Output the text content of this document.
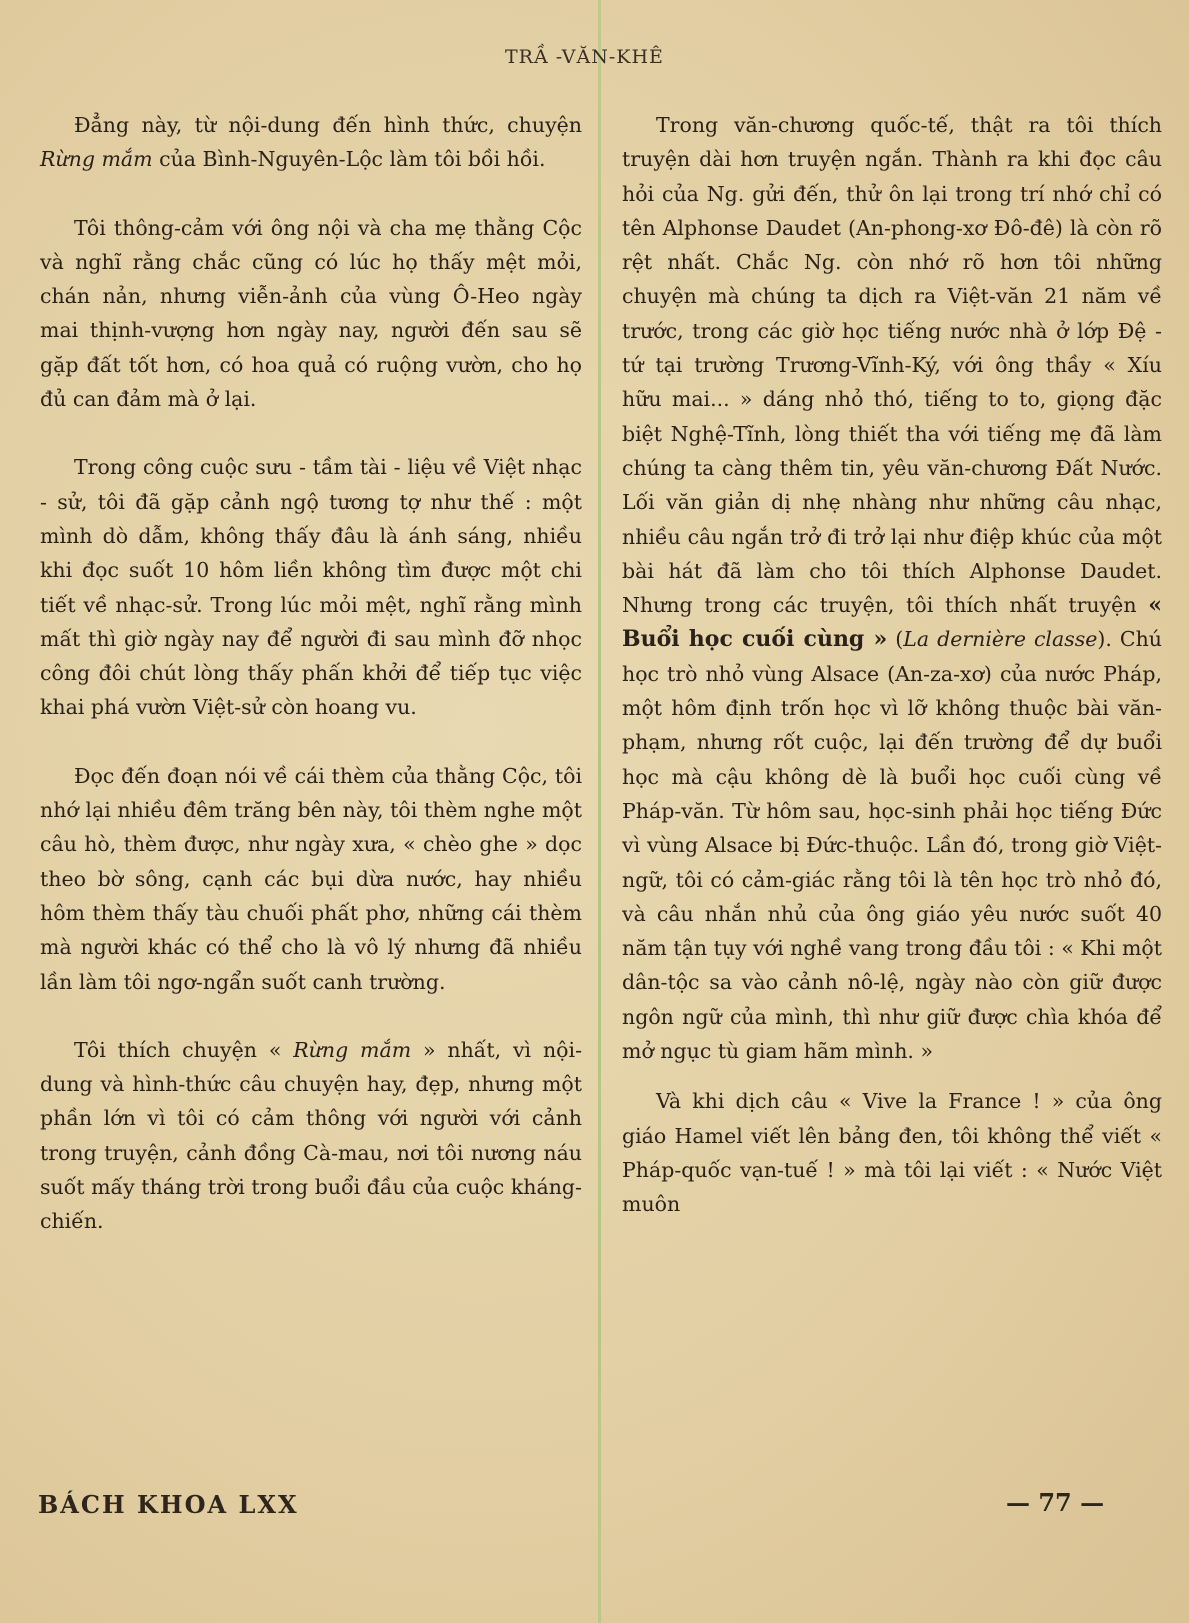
TRẦ -VĂN-KHÊ

Đẳng này, từ nội-dung đến hình thức, chuyện Rừng mắm của Bình-Nguyên-Lộc làm tôi bồi hồi.

Tôi thông-cảm với ông nội và cha mẹ thằng Cộc và nghĩ rằng chắc cũng có lúc họ thấy mệt mỏi, chán nản, nhưng viễn-ảnh của vùng Ô-Heo ngày mai thịnh-vượng hơn ngày nay, người đến sau sẽ gặp đất tốt hơn, có hoa quả có ruộng vườn, cho họ đủ can đảm mà ở lại.

Trong công cuộc sưu - tầm tài - liệu về Việt nhạc - sử, tôi đã gặp cảnh ngộ tương tợ như thế : một mình dò dẫm, không thấy đâu là ánh sáng, nhiều khi đọc suốt 10 hôm liền không tìm được một chi tiết về nhạc-sử. Trong lúc mỏi mệt, nghĩ rằng mình mất thì giờ ngày nay để người đi sau mình đỡ nhọc công đôi chút lòng thấy phấn khởi để tiếp tục việc khai phá vườn Việt-sử còn hoang vu.

Đọc đến đoạn nói về cái thèm của thằng Cộc, tôi nhớ lại nhiều đêm trăng bên này, tôi thèm nghe một câu hò, thèm được, như ngày xưa, « chèo ghe » dọc theo bờ sông, cạnh các bụi dừa nước, hay nhiều hôm thèm thấy tàu chuối phất phơ, những cái thèm mà người khác có thể cho là vô lý nhưng đã nhiều lần làm tôi ngơ-ngẩn suốt canh trường.

Tôi thích chuyện « Rừng mắm » nhất, vì nội-dung và hình-thức câu chuyện hay, đẹp, nhưng một phần lớn vì tôi có cảm thông với người với cảnh trong truyện, cảnh đồng Cà-mau, nơi tôi nương náu suốt mấy tháng trời trong buổi đầu của cuộc kháng-chiến.

Trong văn-chương quốc-tế, thật ra tôi thích truyện dài hơn truyện ngắn. Thành ra khi đọc câu hỏi của Ng. gửi đến, thử ôn lại trong trí nhớ chỉ có tên Alphonse Daudet (An-phong-xơ Đô-đê) là còn rõ rệt nhất. Chắc Ng. còn nhớ rõ hơn tôi những chuyện mà chúng ta dịch ra Việt-văn 21 năm về trước, trong các giờ học tiếng nước nhà ở lớp Đệ - tứ tại trường Trương-Vĩnh-Ký, với ông thầy « Xíu hữu mai... » dáng nhỏ thó, tiếng to to, giọng đặc biệt Nghệ-Tĩnh, lòng thiết tha với tiếng mẹ đã làm chúng ta càng thêm tin, yêu văn-chương Đất Nước. Lối văn giản dị nhẹ nhàng như những câu nhạc, nhiều câu ngắn trở đi trở lại như điệp khúc của một bài hát đã làm cho tôi thích Alphonse Daudet. Nhưng trong các truyện, tôi thích nhất truyện « Buổi học cuối cùng » (La dernière classe). Chú học trò nhỏ vùng Alsace (An-za-xơ) của nước Pháp, một hôm định trốn học vì lỡ không thuộc bài văn-phạm, nhưng rốt cuộc, lại đến trường để dự buổi học mà cậu không dè là buổi học cuối cùng về Pháp-văn. Từ hôm sau, học-sinh phải học tiếng Đức vì vùng Alsace bị Đức-thuộc. Lần đó, trong giờ Việt-ngữ, tôi có cảm-giác rằng tôi là tên học trò nhỏ đó, và câu nhắn nhủ của ông giáo yêu nước suốt 40 năm tận tụy với nghề vang trong đầu tôi : « Khi một dân-tộc sa vào cảnh nô-lệ, ngày nào còn giữ được ngôn ngữ của mình, thì như giữ được chìa khóa để mở ngục tù giam hãm mình. »

Và khi dịch câu « Vive la France ! » của ông giáo Hamel viết lên bảng đen, tôi không thể viết « Pháp-quốc vạn-tuế ! » mà tôi lại viết : « Nước Việt muôn

BÁCH KHOA LXX	— 77 —
